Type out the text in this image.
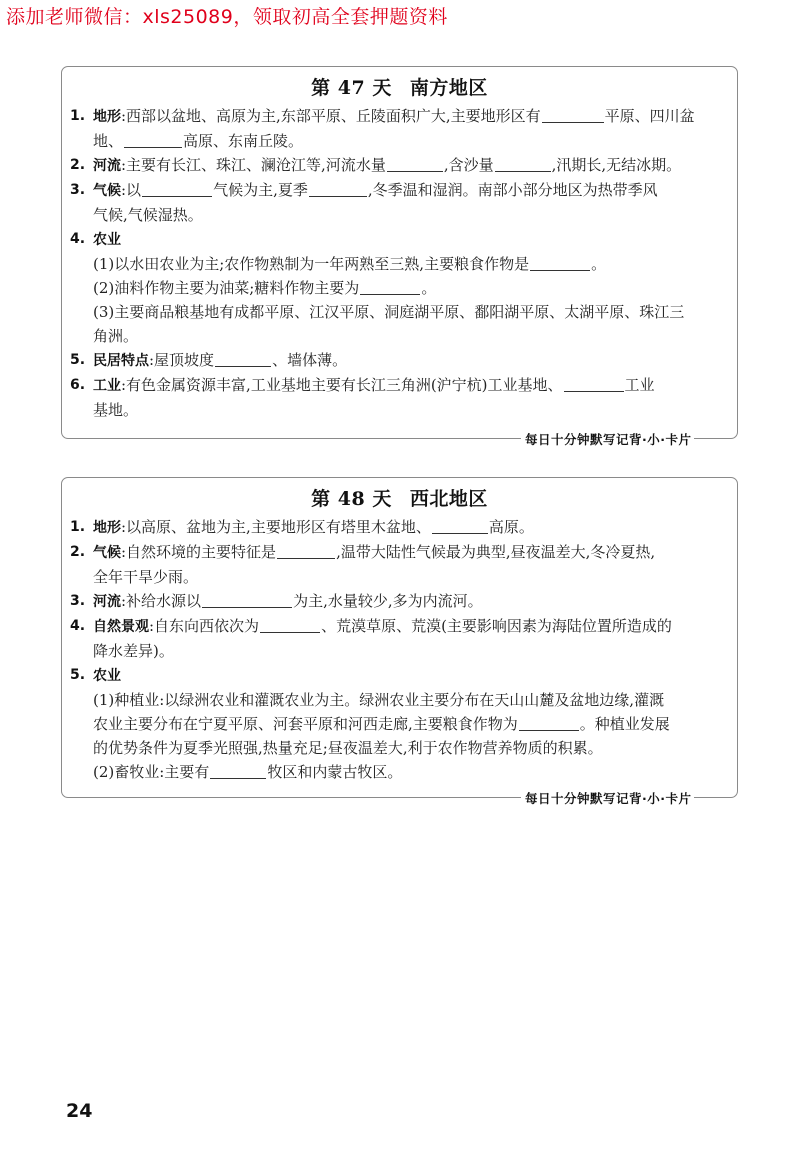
添加老师微信：xls25089，领取初高全套押题资料
第 47 天 南方地区
1. 地形:西部以盆地、高原为主,东部平原、丘陵面积广大,主要地形区有	平原、四川盆
地、	高原、东南丘陵。
2. 河流:主要有长江、珠江、澜沧江等,河流水量	,含沙量	,汛期长,无结冰期。
3. 气候:以	气候为主,夏季	,冬季温和湿润。南部小部分地区为热带季风
气候,气候湿热。
4. 农业
(1)以水田农业为主;农作物熟制为一年两熟至三熟,主要粮食作物是	。
(2)油料作物主要为油菜;糖料作物主要为	。
(3)主要商品粮基地有成都平原、江汉平原、洞庭湖平原、鄱阳湖平原、太湖平原、珠江三
角洲。
5. 民居特点:屋顶坡度	、墙体薄。
6. 工业:有色金属资源丰富,工业基地主要有长江三角洲(沪宁杭)工业基地、	工业
基地。
每日十分钟默写记背·小·卡片
第 48 天 西北地区
1. 地形:以高原、盆地为主,主要地形区有塔里木盆地、	高原。
2. 气候:自然环境的主要特征是	,温带大陆性气候最为典型,昼夜温差大,冬冷夏热,
全年干旱少雨。
3. 河流:补给水源以	为主,水量较少,多为内流河。
4. 自然景观:自东向西依次为	、荒漠草原、荒漠(主要影响因素为海陆位置所造成的
降水差异)。
5. 农业
(1)种植业:以绿洲农业和灌溉农业为主。绿洲农业主要分布在天山山麓及盆地边缘,灌溉
农业主要分布在宁夏平原、河套平原和河西走廊,主要粮食作物为	。种植业发展
的优势条件为夏季光照强,热量充足;昼夜温差大,利于农作物营养物质的积累。
(2)畜牧业:主要有	牧区和内蒙古牧区。
每日十分钟默写记背·小·卡片
24
